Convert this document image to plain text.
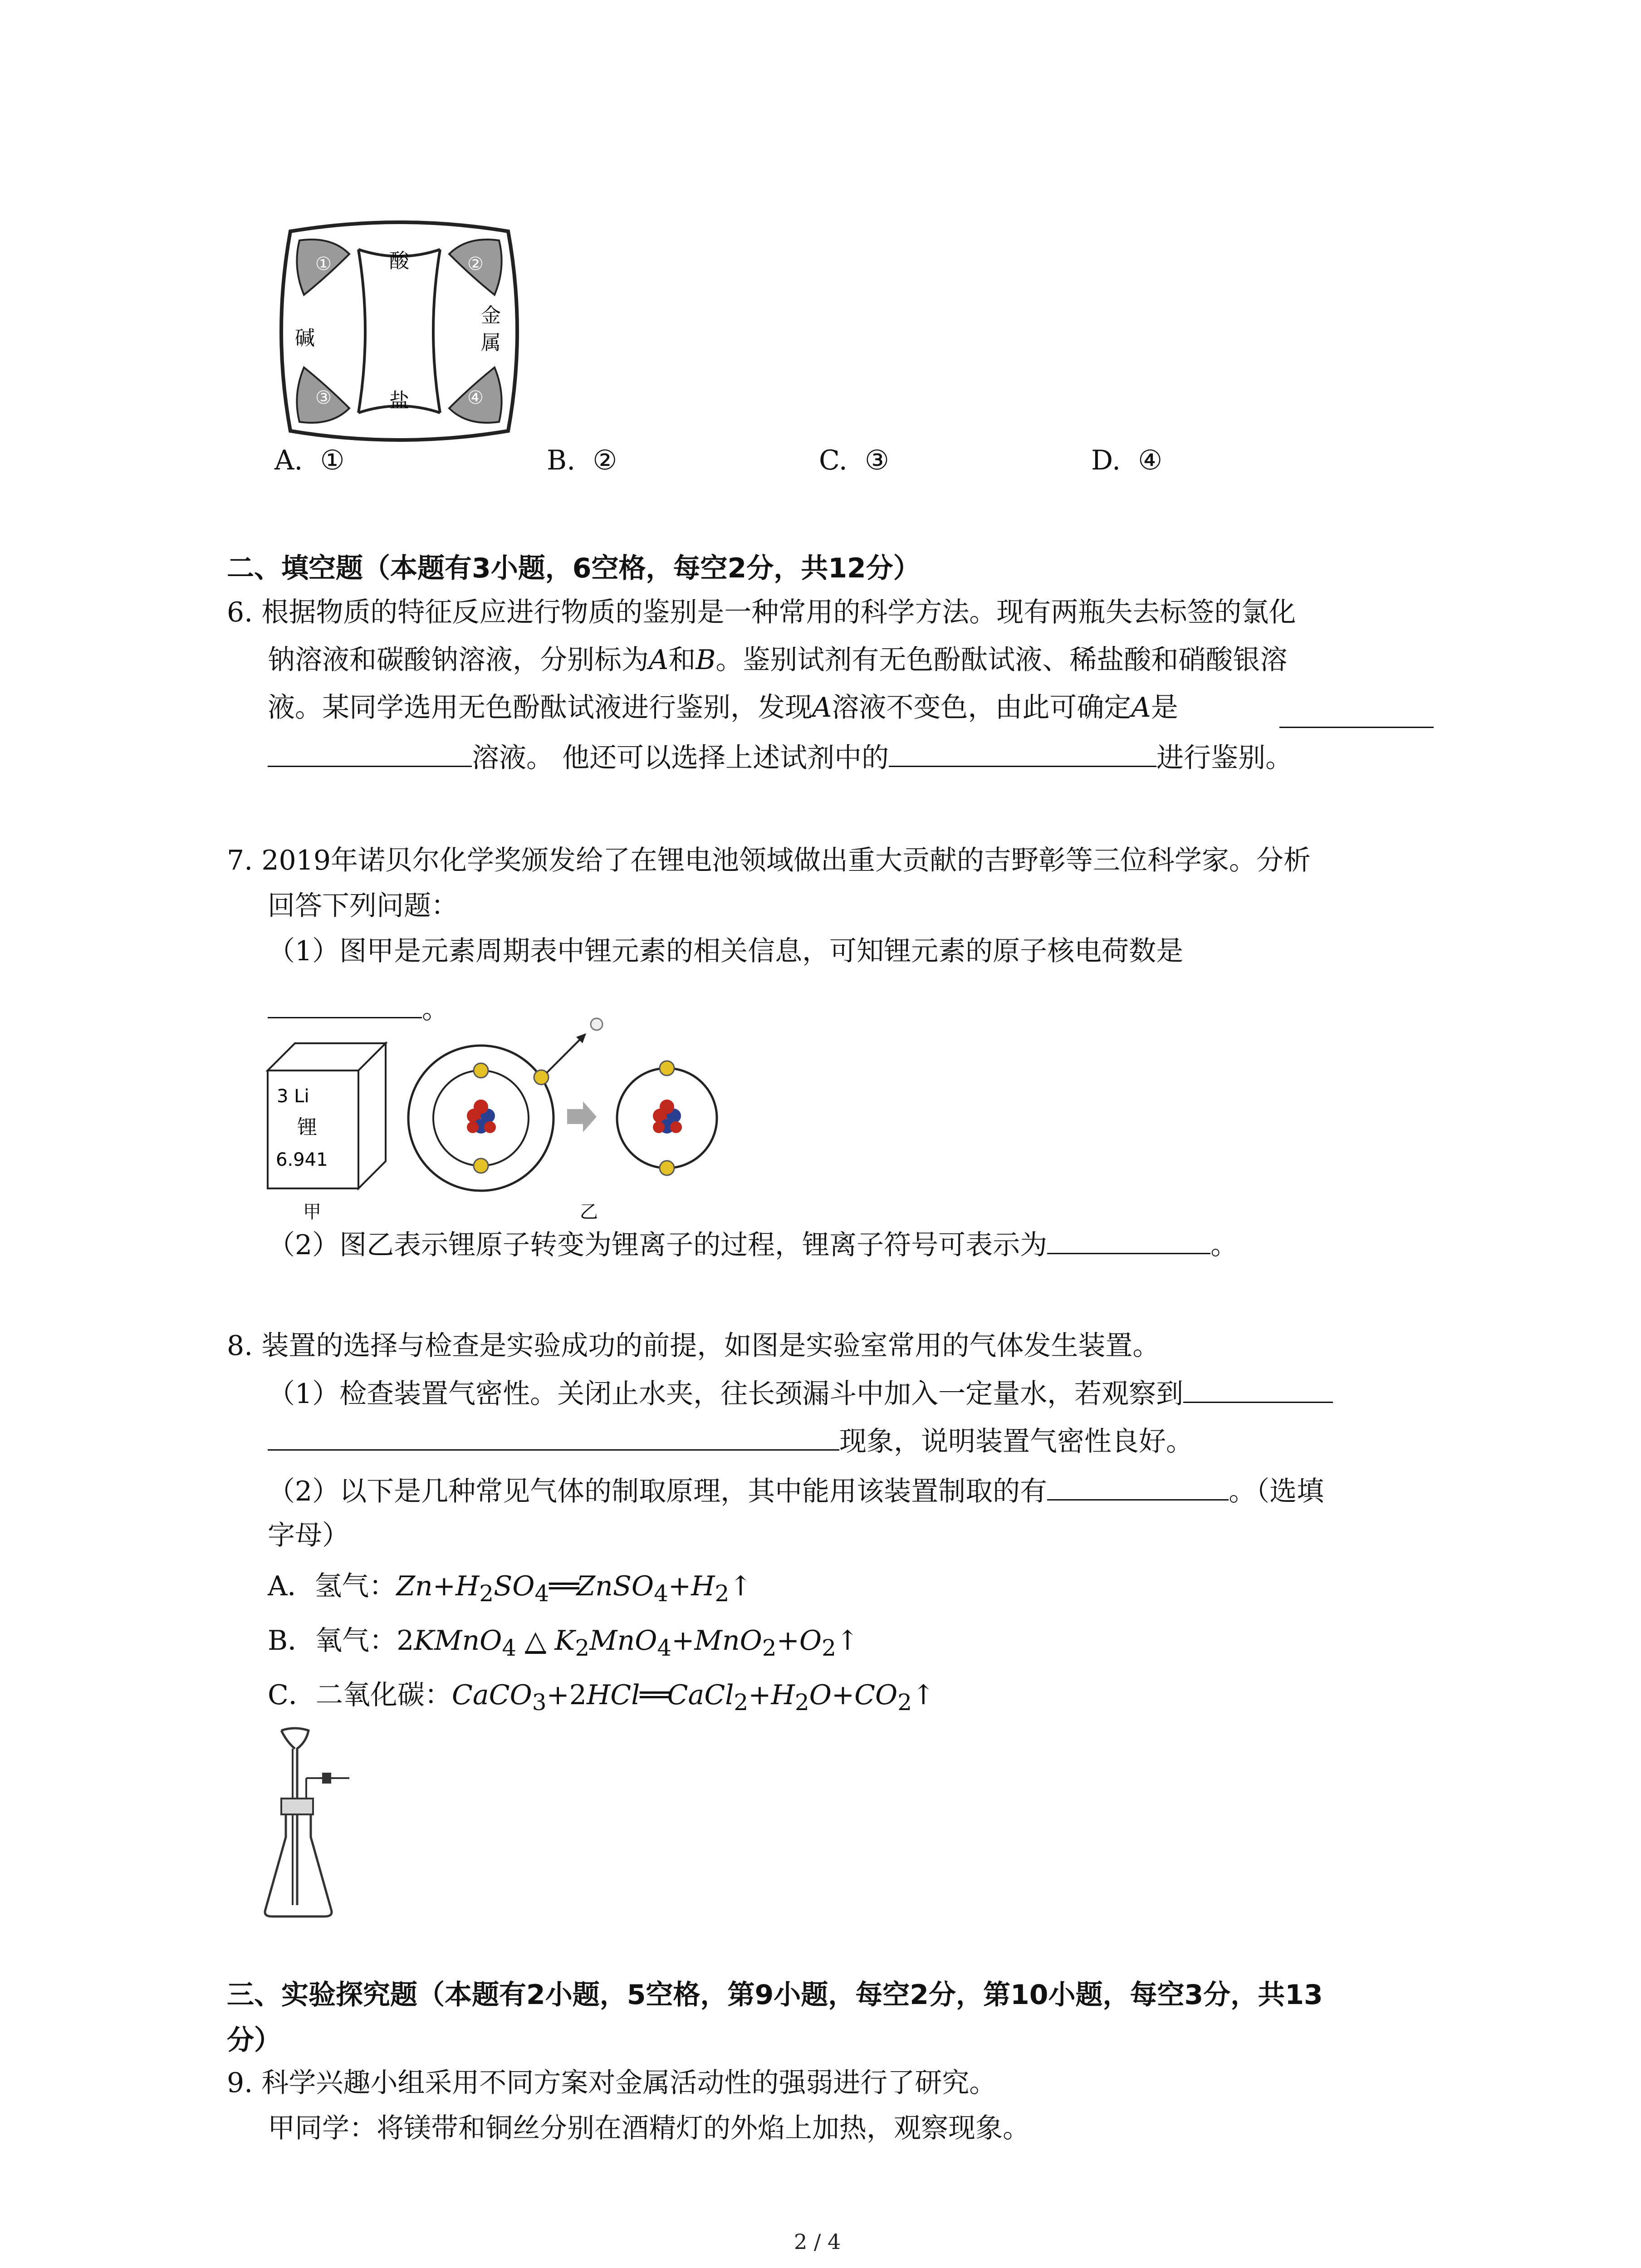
①	②
③	④
酸
碱
金
属
盐
A. ①	B. ②	C. ③	D. ④
二、填空题（本题有3小题，6空格，每空2分，共12分）
6. 根据物质的特征反应进行物质的鉴别是一种常用的科学方法。现有两瓶失去标签的氯化
钠溶液和碳酸钠溶液，分别标为A和B。鉴别试剂有无色酚酞试液、稀盐酸和硝酸银溶
液。某同学选用无色酚酞试液进行鉴别，发现A溶液不变色，由此可确定A是
溶液。 他还可以选择上述试剂中的	进行鉴别。
7. 2019年诺贝尔化学奖颁发给了在锂电池领域做出重大贡献的吉野彰等三位科学家。分析
回答下列问题：
（1）图甲是元素周期表中锂元素的相关信息，可知锂元素的原子核电荷数是
。
3 Li
锂
6.941
甲	乙
（2）图乙表示锂原子转变为锂离子的过程，锂离子符号可表示为	。
8. 装置的选择与检查是实验成功的前提，如图是实验室常用的气体发生装置。
（1）检查装置气密性。关闭止水夹，往长颈漏斗中加入一定量水，若观察到
现象，说明装置气密性良好。
（2）以下是几种常见气体的制取原理，其中能用该装置制取的有	。（选填
字母）
A．氢气：$Zn+H_2SO_4══ZnSO_4+H_2↑$
B．氧气：2KMnO$_4$ △ $K_2MnO_4+MnO_2+O_2↑$
C．二氧化碳：$CaCO_3+2HCl══CaCl_2+H_2O+CO_2↑$
三、实验探究题（本题有2小题，5空格，第9小题，每空2分，第10小题，每空3分，共13
分）
9. 科学兴趣小组采用不同方案对金属活动性的强弱进行了研究。
甲同学：将镁带和铜丝分别在酒精灯的外焰上加热，观察现象。
2 / 4
